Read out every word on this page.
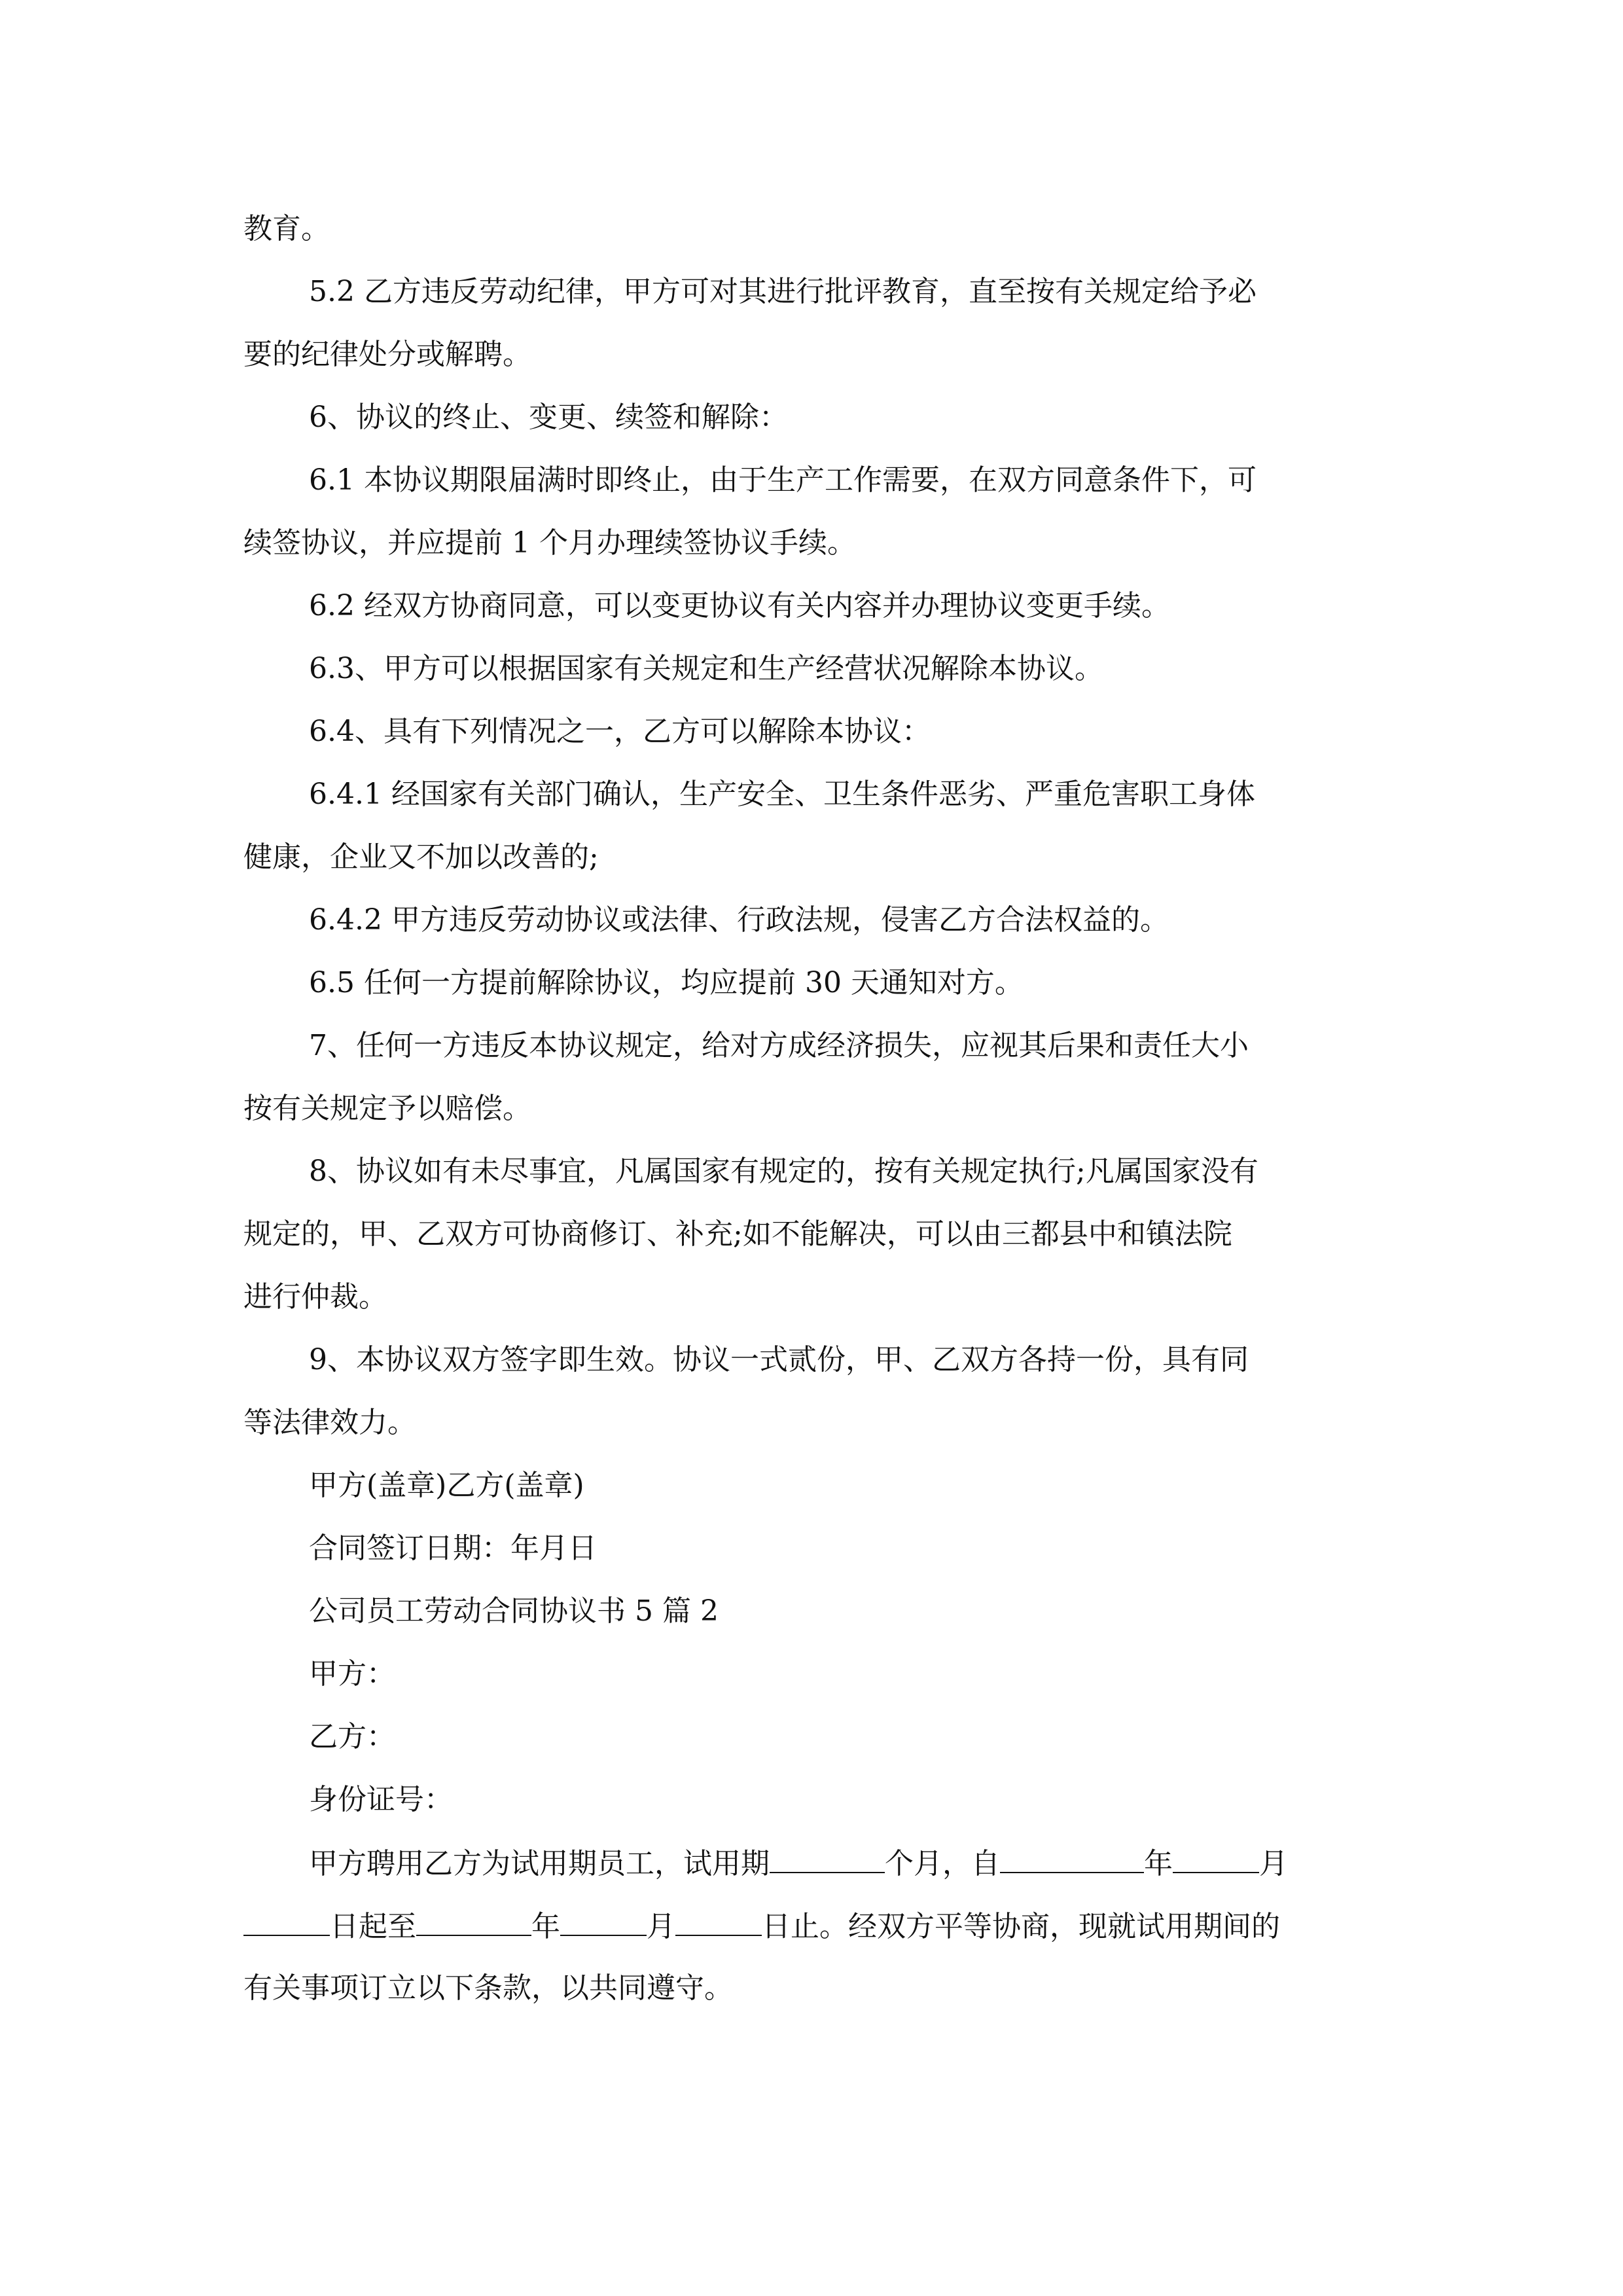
教育。

5.2 乙方违反劳动纪律，甲方可对其进行批评教育，直至按有关规定给予必

要的纪律处分或解聘。

6、协议的终止、变更、续签和解除：

6.1 本协议期限届满时即终止，由于生产工作需要，在双方同意条件下，可

续签协议，并应提前 1 个月办理续签协议手续。

6.2 经双方协商同意，可以变更协议有关内容并办理协议变更手续。

6.3、甲方可以根据国家有关规定和生产经营状况解除本协议。

6.4、具有下列情况之一，乙方可以解除本协议：

6.4.1 经国家有关部门确认，生产安全、卫生条件恶劣、严重危害职工身体

健康，企业又不加以改善的;

6.4.2 甲方违反劳动协议或法律、行政法规，侵害乙方合法权益的。

6.5 任何一方提前解除协议，均应提前 30 天通知对方。

7、任何一方违反本协议规定，给对方成经济损失，应视其后果和责任大小

按有关规定予以赔偿。

8、协议如有未尽事宜，凡属国家有规定的，按有关规定执行;凡属国家没有

规定的，甲、乙双方可协商修订、补充;如不能解决，可以由三都县中和镇法院

进行仲裁。

9、本协议双方签字即生效。协议一式贰份，甲、乙双方各持一份，具有同

等法律效力。

甲方(盖章)乙方(盖章)

合同签订日期：年月日

公司员工劳动合同协议书 5 篇 2

甲方：

乙方：

身份证号：

甲方聘用乙方为试用期员工，试用期	个月，自	年	月

日起至	年	月	日止。经双方平等协商，现就试用期间的

有关事项订立以下条款，以共同遵守。
